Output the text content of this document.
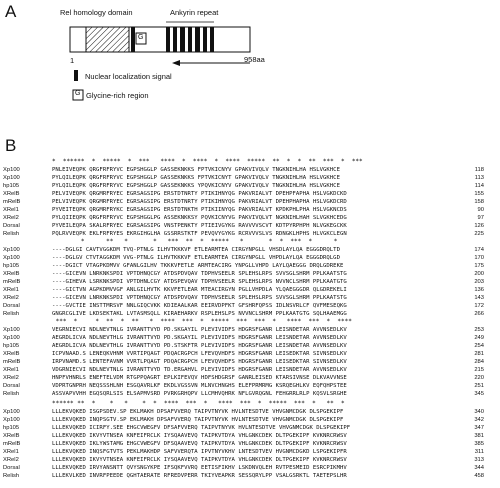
A	Rel homology domain	Ankyrin repeat
G
1	958aa
Nuclear localization signal
G Glycine-rich region
B
*  ******  *  *****  *  ***   ****  *  ****  *  ****  *****  **  *  *  **  ***  *  ***
Xp100	PNLEIVEQPK QRGFRFRYVC EGPSHGGLP GASSEKNKKS FPTVKICNYV GPAKVIVQLV TNGKNIHLHA HSLVGKHCE	118
Xp100	PYLQILEQPK QRGFRFRYVC EGPSHGGLP GASSEKNKKS FPTVKICNYT GPAKVIVQLV TNGKNIHLHA HSLVGKHCE	113
hp105	PYLQILEQPK QRGFRFRYVC EGPSHGGLP GASSEKNKKS YPQVKICNYV GPAKVIVQLV TNGKNIHLHA HSLVGKHCE	114
XRelB	PELVIVEQPK QRGMRFRYEC EGRSAGSIPG ERSTDTNRTY PTIKIHNYQG PAKVRIALVT DPEHPFAPHA HSLVGKDCKD	155
mRelB	PELVIVEQPK QRGMRFRYEC EGRSAGSIPG ERSTDTNRTY PTIKIHNYQG PAKVRIALVT DPEHPHAPHA HSLVGKDCRD	158
XRel1	PYVEITEQPK QRGMRFRYKC EGRSAGSIPG ERSTDTNKTH PTIKIINYQG PAKVRIALVT KPDKPHLPHA HSLVGKNCDS	90
XRel2	PYLQIIEQPK QRGFRFRYVC EGPSHGGLPG ASSEKNKKSY PQVKICNYVG PAKVIVQLVT NGKNIHLHAH SLVGKHCEDG	97
Dorsal	PYVEILEQPA SKALRFRYEC EGRSAGSIPG VNSTPENKTY PTIEIVGYKG RAVVVVSCVT KDTPYRPHPH NLVGKEGCKK	126
Relish	PQLRVVEQPK EKLFRFRYES EKRGIHGLHA GSSRRSTKTF PEVQVYGYKG RCRVVVSLVS RDNGKLHPHS HLVGKCLEGN	225
*      **   *       *   ***  **  *  *****   *       *  *  ***  *      *
Xp100	----DGLGI CAVTVGGKDM TVQ-PTNLG ILHVTKKKVF ETLEARMTEA CIRGYNPGLL VHSDLAYLQA EGGGDRQLTD	174
Xp100	----DGLGV CTVTAGGKDM VVG-PTNLG ILHVTKKKVF ETLEARMTEA CIRGYNPGLL VHPDLAYLQA EGGGDRQLGD	170
hp105	----DGICT VTAGPKDMVV GFANLGILHV TKKKVFETLE ARMTEACIRG YNPGLLVHPD LAYLQAEGGG DRQLGDREKE	175
XRelB	----GICEVN LNRKNKSPDI VPTDHNQCGY ATDSPDVQAV TDPHVSEELR SPLEHSLRPS SVVSGLSHRM PPLKAATSTG	200
mRelB	----GIHEVA LSRKNKSPDI VPTDHNLCGY ATDSPEVQAV TDPHVSEELR SPLEHSLRPS NVVNCLSHRM PPLKAATGTG	203
XRel1	----GICTVN AGPKDMVVGF ANLGILHVTK KKVFETLEAR MTEACIRGYN PGLLVHPDLA YLQAEGGGDR QLGDREKELI	136
XRel2	----GICEVN LNRKNKSPDI VPTDHNQCGY ATDSPDVQAV TDPHVSEELR SPLEHSLRPS SVVSGLSHRM PPLKAATSTG	143
Dorsal	----GVCTIE INSTTMRSVF NNLGIQCVKK KDIEAALKAR EEIRVDPFKT GFSHRFQPSS IDLNSVRLCF QVFMESEQKG	172
Relish	GNGRCGLIVE LKDSEKTAKL LVTASMSQLL KIRAEHARKV RSPLEHSLPS NVVNCLSHRM PPLKAATGTG SQLHAAEMGG	266
***  *     *  **  *  **   *  ****  ***  *  *****  ***  ***  *   ****  ***  *  ****
Xp100	VEGRNIECVI NDLNEVTNLG IVRANTTVYD PD.SKGAYIL PLEVIVIDFS HDGRSFGANR LEISNDETAR AVVNSEDLKV	253
Xp100	AEGRDLICVA NDLNEVTHLG IVRANTTVYD PD.SKGAYIL PLEVIVIDFS HDGRSFGANR LEISNDETAR AVVNSEDLKV	249
hp105	AEGRDLICVA NDLNEVTHLG IVRANTTVYD PD.STSKFTR PLEVIVIDFS HDGRSFGANR LEISNDETAR AVVNSEDLKV	254
XRelB	ICPVNAAD.S LENEQKVHNM VVRTIPQAGT PDQACRGPCH LFEVQVHDFS HDGRSFGANR LEISEDKTAR SIVNSEDLKV	281
mRelB	IRPVNAMD.S LENTEFAVNM VVRTLPQAGT PDQACRGPCH LFEVQVHDFS HDGRSFGANR LEISEDKTAR SIVNSEDLKV	284
XRel1	VDGRNIECVI NDLNEVTNLG IVRANTTVYD TD.ERGAHVL PLEVIVIDFS HDGRSFGANR LEISNDETAR AVVNSEDLKV	215
XRel2	HNPFVHNRLS ENEFTELVDM RTGPPQAGRT EPLKIFEVQV HDFSHDGRSF GANRLEISED KTARSIVNSE DLKVAVVNSE	220
Dorsal	VDPRTGNPRH NEQSSSHLNH ESGQAVRLKF EKDLVGSSVN MLNVCHNGHS ELEFPRMRMG KSRQEGHLKV EQFQHPSTEE	251
Relish	ASSVAPVVHH EGQSQRLSIS ELSAPMVSRD PVRKGRHQPV LLCMHVQHRK NFLGVRQGNL FEHGRRLRLP KQSVLSRGHE	345
****** **  *    *   *    *  *  ****  ***  *   ****  ***  *  *****  ***  *   **  *
Xp100	LLLEKVQKED ISGPSDEV.SP EKLMAKH DPSAFVVERQ TAIPVTNYVK HVLNTESDTVE VHVGNMCDGK DLSPGEKIPF	340
Xp100	LLLEKVQKED INQPSGTV.SP EKLMAKH DPSAFVVERQ TAIPVTNYVK HVLNTESDTVE VHVGNMCDGK DLSPGEKIPF	342
hp105	LLLEKVQKED ICIRFY.SEE EHGCVWEGFV DFSAFVVERQ TAIPVTNYVK HVLNTESDTVE VHVGNMCDGK DLSPGEKIPF	347
XRelB	LLLEKVQKED IKVYVTNSEA KNFEIFRCLK IYSQAAVEVQ TAIPKVTDYA VHLGNKCDEK DLTPGEKIPF KVKNRCRWSV	381
mRelB	LLLEKVQKED IKLYWSTAMG EHGCVWEGFV DFSQAAVEVQ TAIPKVTDYA VHLGNKCDEK DLTPGEKIPF KVKNRCRWSV	385
XRel1	LLLEKVQKED INQSFGTVTS PEKLMAKHDP SAFVVERQTA IPVTNYVKHV LNTESDTVEV HVGNMCDGKD LSPGEKIPFR	311
XRel2	LLLEKVQKED IKVYVTNSEA KNFEIFRCLK IYSQAAVEVQ TAIPKVTDYA VHLGNKCDEK DLTPGEKIPF KVKNRCRWSV	313
Dorsal	LLLEKVQKED IRVYANSNTT QVYSNGYKPE IFSQKFVVRQ EETISFIKHV LSKDNVQLEH RVTPESMEID ESRCPIKMHV	344
Relish	LLLEKVLKED INVRFPEEDE QGHTAERATE RFREDVPERR TKIYVEAPKR SESSQRYLPP VSALGSRKTL TAETEPSLHR	458
